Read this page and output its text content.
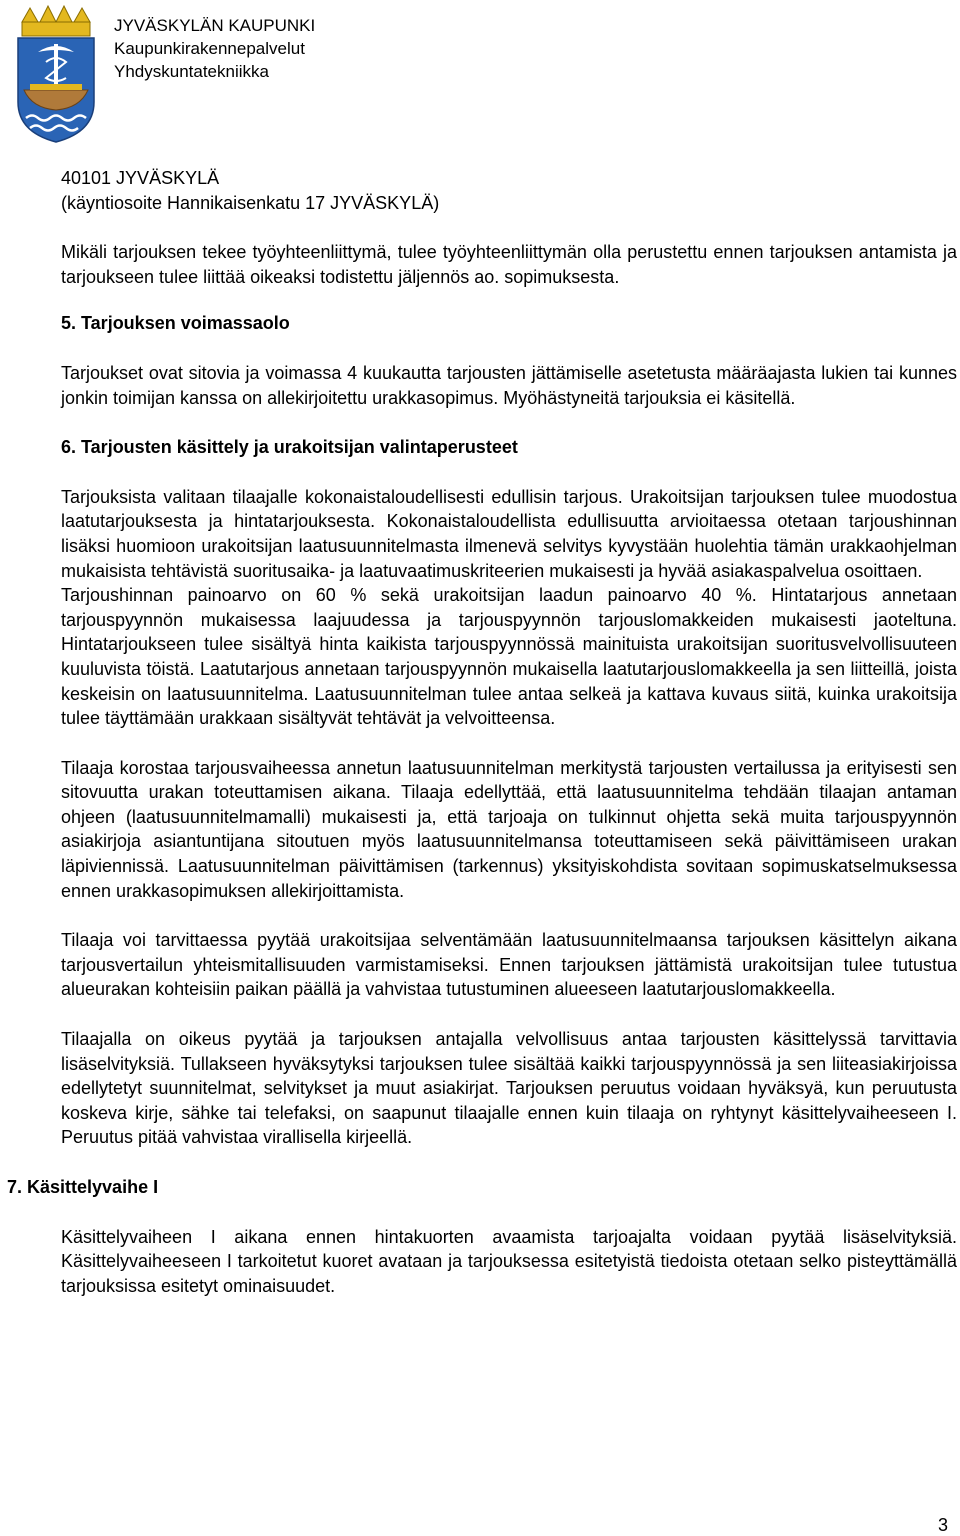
JYVÄSKYLÄN KAUPUNKI
Kaupunkirakennepalvelut
Yhdyskuntatekniikka

40101 JYVÄSKYLÄ

(käyntiosoite Hannikaisenkatu 17 JYVÄSKYLÄ)

Mikäli tarjouksen tekee työyhteenliittymä, tulee työyhteenliittymän olla perustettu ennen tarjouksen antamista ja tarjoukseen tulee liittää oikeaksi todistettu jäljennös ao. sopimuksesta.

5. Tarjouksen voimassaolo

Tarjoukset ovat sitovia ja voimassa 4 kuukautta tarjousten jättämiselle asetetusta määräajasta lukien tai kunnes jonkin toimijan kanssa on allekirjoitettu urakkasopimus. Myöhästyneitä tarjouksia ei käsitellä.

6. Tarjousten käsittely ja urakoitsijan valintaperusteet

Tarjouksista valitaan tilaajalle kokonaistaloudellisesti edullisin tarjous. Urakoitsijan tarjouksen tulee muodostua laatutarjouksesta ja hintatarjouksesta. Kokonaistaloudellista edullisuutta arvioitaessa otetaan tarjoushinnan lisäksi huomioon urakoitsijan laatusuunnitelmasta ilmenevä selvitys kyvystään huolehtia tämän urakkaohjelman mukaisista tehtävistä suoritusaika- ja laatuvaatimuskriteerien mukaisesti ja hyvää asiakaspalvelua osoittaen.

Tarjoushinnan painoarvo on 60 % sekä urakoitsijan laadun painoarvo 40 %. Hintatarjous annetaan tarjouspyynnön mukaisessa laajuudessa ja tarjouspyynnön tarjouslomakkeiden mukaisesti jaoteltuna. Hintatarjoukseen tulee sisältyä hinta kaikista tarjouspyynnössä mainituista urakoitsijan suoritusvelvollisuuteen kuuluvista töistä. Laatutarjous annetaan tarjouspyynnön mukaisella laatutarjouslomakkeella ja sen liitteillä, joista keskeisin on laatusuunnitelma. Laatusuunnitelman tulee antaa selkeä ja kattava kuvaus siitä, kuinka urakoitsija tulee täyttämään urakkaan sisältyvät tehtävät ja velvoitteensa.

Tilaaja korostaa tarjousvaiheessa annetun laatusuunnitelman merkitystä tarjousten vertailussa ja erityisesti sen sitovuutta urakan toteuttamisen aikana. Tilaaja edellyttää, että laatusuunnitelma tehdään tilaajan antaman ohjeen (laatusuunnitelmamalli) mukaisesti ja, että tarjoaja on tulkinnut ohjetta sekä muita tarjouspyynnön asiakirjoja asiantuntijana sitoutuen myös laatusuunnitelmansa toteuttamiseen sekä päivittämiseen urakan läpiviennissä. Laatusuunnitelman päivittämisen (tarkennus) yksityiskohdista sovitaan sopimuskatselmuksessa ennen urakkasopimuksen allekirjoittamista.

Tilaaja voi tarvittaessa pyytää urakoitsijaa selventämään laatusuunnitelmaansa tarjouksen käsittelyn aikana tarjousvertailun yhteismitallisuuden varmistamiseksi. Ennen tarjouksen jättämistä urakoitsijan tulee tutustua alueurakan kohteisiin paikan päällä ja vahvistaa tutustuminen alueeseen laatutarjouslomakkeella.

Tilaajalla on oikeus pyytää ja tarjouksen antajalla velvollisuus antaa tarjousten käsittelyssä tarvittavia lisäselvityksiä. Tullakseen hyväksytyksi tarjouksen tulee sisältää kaikki tarjouspyynnössä ja sen liiteasiakirjoissa edellytetyt suunnitelmat, selvitykset ja muut asiakirjat. Tarjouksen peruutus voidaan hyväksyä, kun peruutusta koskeva kirje, sähke tai telefaksi, on saapunut tilaajalle ennen kuin tilaaja on ryhtynyt käsittelyvaiheeseen I. Peruutus pitää vahvistaa virallisella kirjeellä.

7. Käsittelyvaihe I

Käsittelyvaiheen I aikana ennen hintakuorten avaamista tarjoajalta voidaan pyytää lisäselvityksiä. Käsittelyvaiheeseen I tarkoitetut kuoret avataan ja tarjouksessa esitetyistä tiedoista otetaan selko pisteyttämällä tarjouksissa esitetyt ominaisuudet.

3
